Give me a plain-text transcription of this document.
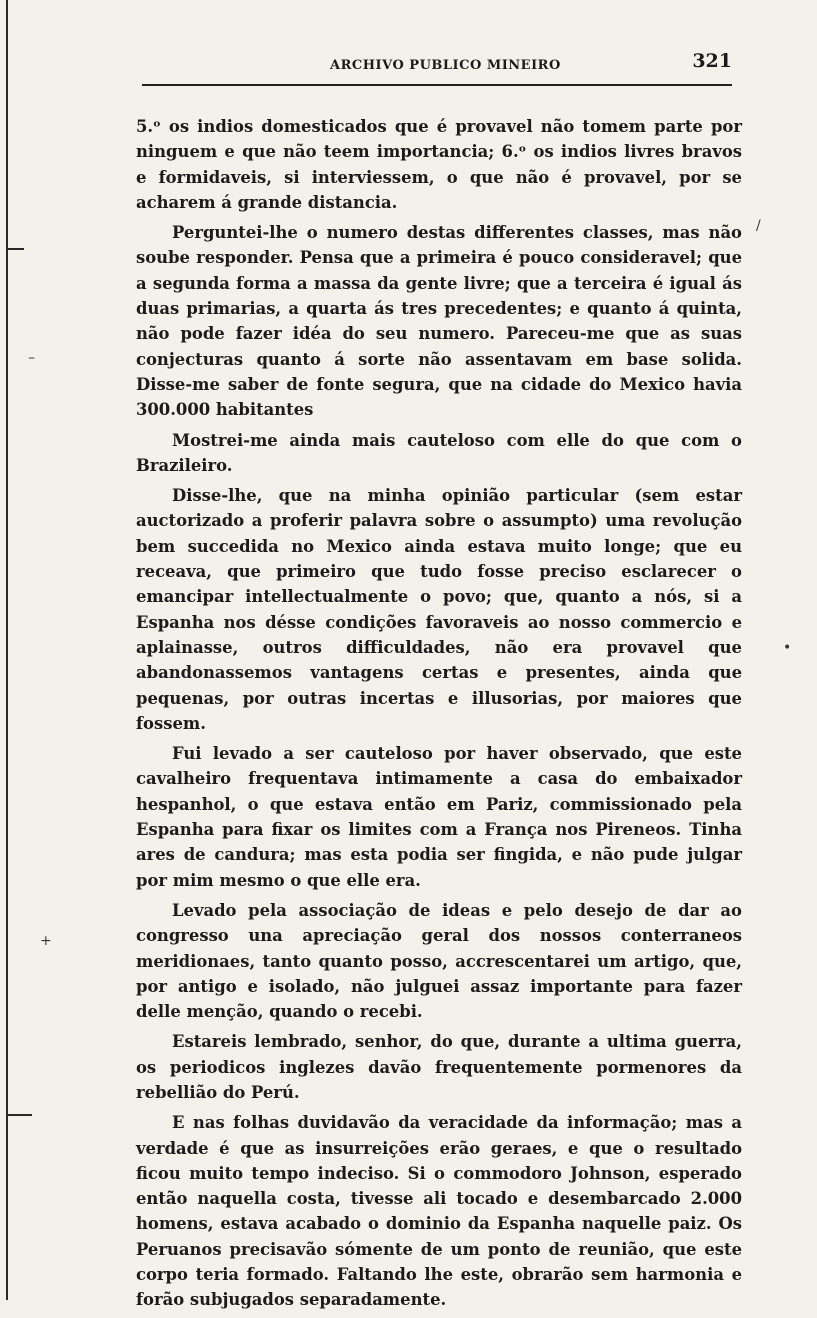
–
+
•
/
ARCHIVO PUBLICO MINEIRO	321

5.ᵒ os indios domesticados que é provavel não tomem parte por ninguem e que não teem importancia; 6.ᵒ os indios livres bravos e formidaveis, si interviessem, o que não é provavel, por se acharem á grande distancia.

Perguntei-lhe o numero destas differentes classes, mas não soube responder. Pensa que a primeira é pouco consideravel; que a segunda forma a massa da gente livre; que a terceira é igual ás duas primarias, a quarta ás tres precedentes; e quanto á quinta, não pode fazer idéa do seu numero. Pareceu-me que as suas conjecturas quanto á sorte não assentavam em base solida. Disse-me saber de fonte segura, que na cidade do Mexico havia 300.000 habitantes

Mostrei-me ainda mais cauteloso com elle do que com o Brazileiro.

Disse-lhe, que na minha opinião particular (sem estar auctorizado a proferir palavra sobre o assumpto) uma revolução bem succedida no Mexico ainda estava muito longe; que eu receava, que primeiro que tudo fosse preciso esclarecer o emancipar intellectualmente o povo; que, quanto a nós, si a Espanha nos désse condições favoraveis ao nosso commercio e aplainasse, outros difficuldades, não era provavel que abandonassemos vantagens certas e presentes, ainda que pequenas, por outras incertas e illusorias, por maiores que fossem.

Fui levado a ser cauteloso por haver observado, que este cavalheiro frequentava intimamente a casa do embaixador hespanhol, o que estava então em Pariz, commissionado pela Espanha para fixar os limites com a França nos Pireneos. Tinha ares de candura; mas esta podia ser fingida, e não pude julgar por mim mesmo o que elle era.

Levado pela associação de ideas e pelo desejo de dar ao congresso una apreciação geral dos nossos conterraneos meridionaes, tanto quanto posso, accrescentarei um artigo, que, por antigo e isolado, não julguei assaz importante para fazer delle menção, quando o recebi.

Estareis lembrado, senhor, do que, durante a ultima guerra, os periodicos inglezes davão frequentemente pormenores da rebellião do Perú.

E nas folhas duvidavão da veracidade da informação; mas a verdade é que as insurreições erão geraes, e que o resultado ficou muito tempo indeciso. Si o commodoro Johnson, esperado então naquella costa, tivesse ali tocado e desembarcado 2.000 homens, estava acabado o dominio da Espanha naquelle paiz. Os Peruanos precisavão sómente de um ponto de reunião, que este corpo teria formado. Faltando lhe este, obrarão sem harmonia e forão subjugados separadamente.
